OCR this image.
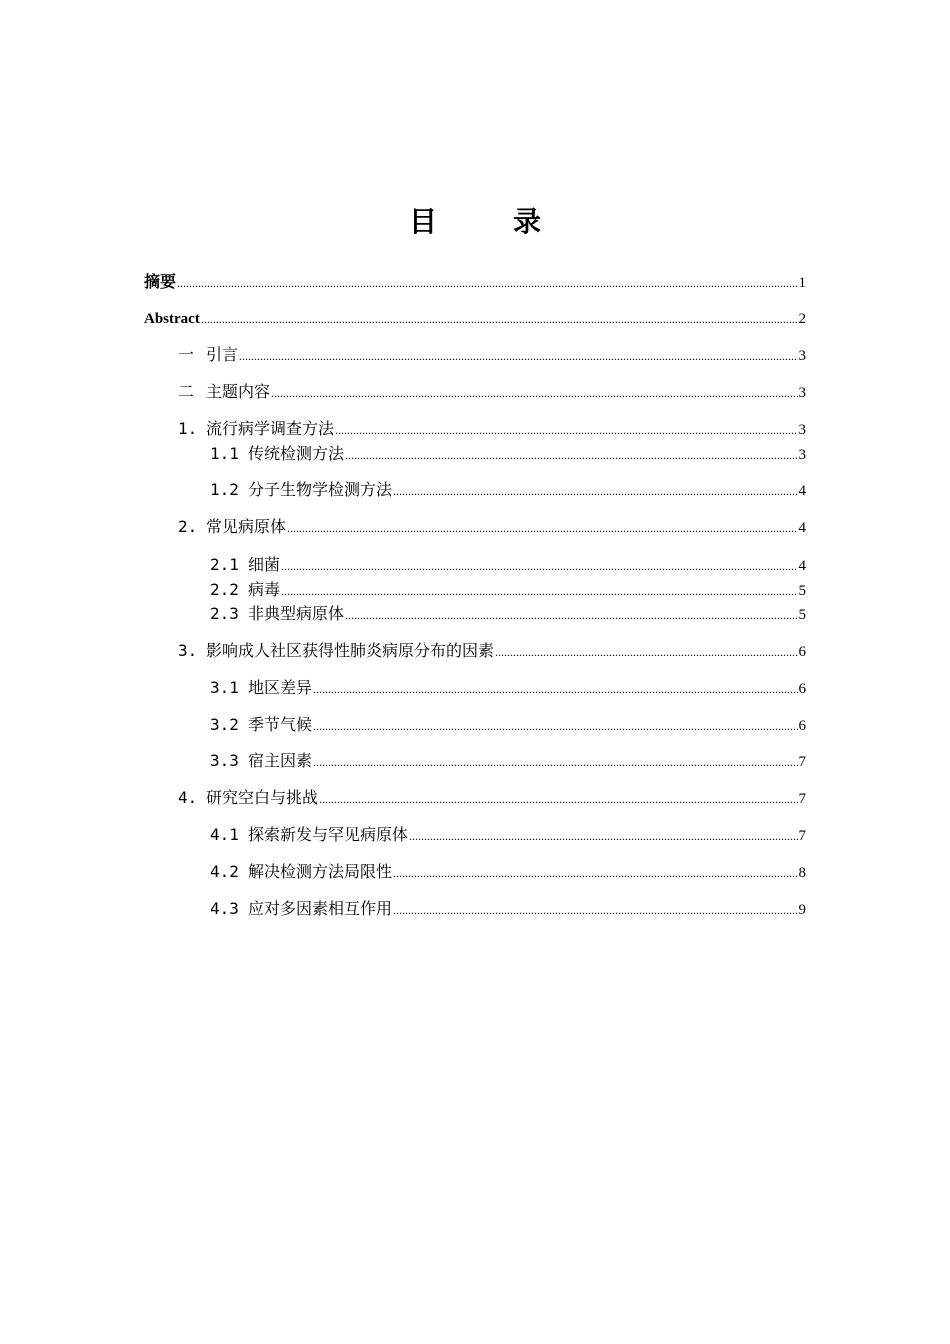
目　录
摘要 .....	1
Abstract .....	2
一 引言 .....	3
二 主题内容 .....	3
1. 流行病学调查方法 .....	3
1.1 传统检测方法 .....	3
1.2 分子生物学检测方法 .....	4
2. 常见病原体 .....	4
2.1 细菌 .....	4
2.2 病毒 .....	5
2.3 非典型病原体 .....	5
3. 影响成人社区获得性肺炎病原分布的因素 .....	6
3.1 地区差异 .....	6
3.2 季节气候 .....	6
3.3 宿主因素 .....	7
4. 研究空白与挑战 .....	7
4.1 探索新发与罕见病原体 .....	7
4.2 解决检测方法局限性 .....	8
4.3 应对多因素相互作用 .....	9
